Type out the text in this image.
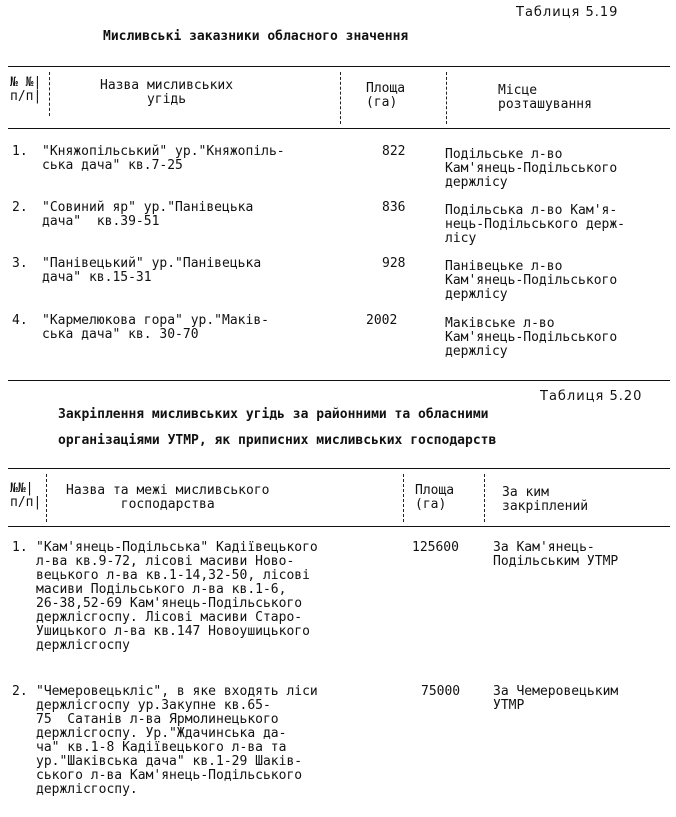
Таблиця 5.19
Мисливські заказники обласного значення
№ №|
п/п|
Назва мисливських
угідь
Площа
(га)
Місце
розташування
1. "Княжопільський" ур."Княжопіль-
ська дача" кв.7-25
822	Подільське л-во
Кам'янець-Подільського
держлісу
2. "Совиний яр" ур."Панівецька
дача"  кв.39-51
836	Подільська л-во Кам'я-
нець-Подільського держ-
лісу
3. "Панівецький" ур."Панівецька
дача" кв.15-31
928	Панівецьке л-во
Кам'янець-Подільського
держлісу
4. "Кармелюкова гора" ур."Маків-
ська дача" кв. 30-70
2002	Маківське л-во
Кам'янець-Подільського
держлісу
Таблиця 5.20
Закріплення мисливських угідь за районними та обласними
організаціями УТМР, як приписних мисливських господарств
№№|
п/п|
Назва та межі мисливського
господарства
Площа
(га)
За ким
закріплений
1. "Кам'янець-Подільська" Кадіївецького
л-ва кв.9-72, лісові масиви Ново-
вецького л-ва кв.1-14,32-50, лісові
масиви Подільського л-ва кв.1-6,
26-38,52-69 Кам'янець-Подільського
держлісгоспу. Лісові масиви Старо-
Ушицького л-ва кв.147 Новоушицького
держлісгоспу
125600	За Кам'янець-
Подільським УТМР
2. "Чемеровецькліс", в яке входять ліси
держлісгоспу ур.Закупне кв.65-
75  Сатанів л-ва Ярмолинецького
держлісгоспу. Ур."Ждачинська да-
ча" кв.1-8 Кадіївецького л-ва та
ур."Шаківська дача" кв.1-29 Шаків-
ського л-ва Кам'янець-Подільського
держлісгоспу.
75000	За Чемеровецьким
УТМР
